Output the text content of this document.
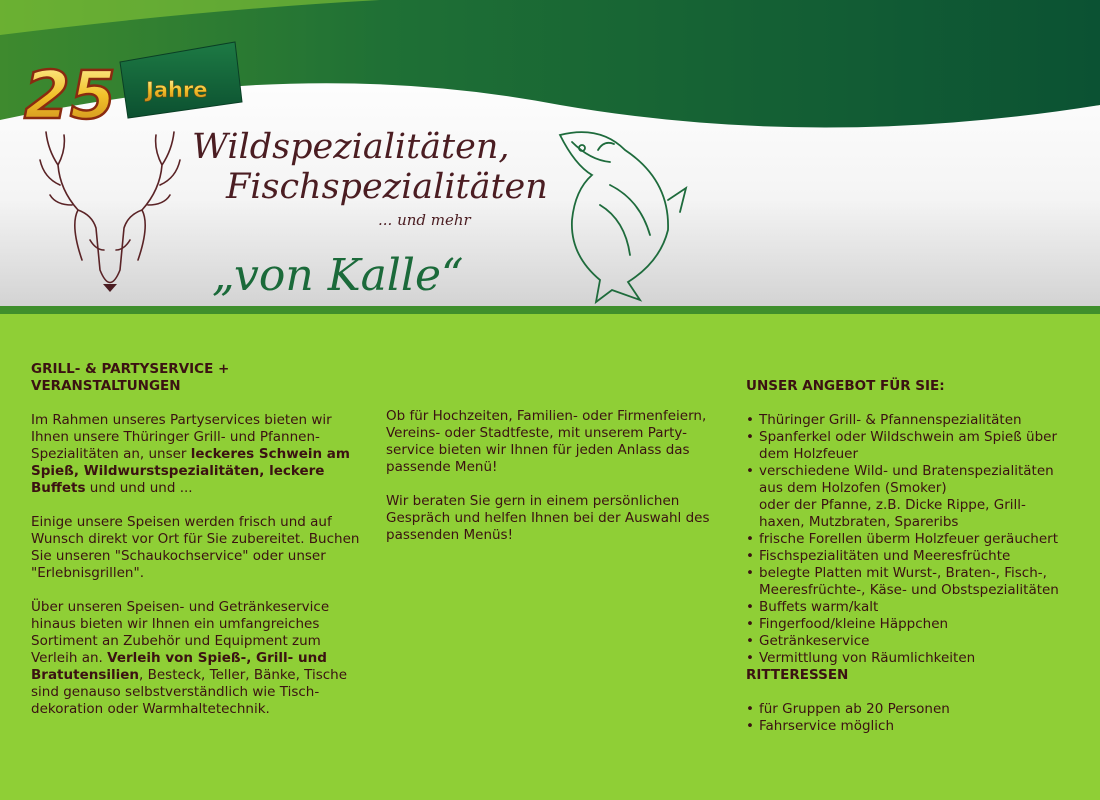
Jahre
25
Wildspezialitäten,
Fischspezialitäten
... und mehr
„von Kalle“
GRILL- & PARTYSERVICE +
VERANSTALTUNGEN

Im Rahmen unseres Partyservices bieten wir Ihnen unsere Thüringer Grill- und Pfannen-Spezialitäten an, unser leckeres Schwein am Spieß, Wildwurstspezialitäten, leckere Buffets und und und ...

Einige unsere Speisen werden frisch und auf Wunsch direkt vor Ort für Sie zubereitet. Buchen Sie unseren "Schaukochservice" oder unser "Erlebnisgrillen".

Über unseren Speisen- und Getränkeservice hinaus bieten wir Ihnen ein umfangreiches Sortiment an Zubehör und Equipment zum Verleih an. Verleih von Spieß-, Grill- und Bratutensilien, Besteck, Teller, Bänke, Tische sind genauso selbstverständlich wie Tisch-dekoration oder Warmhaltetechnik.

Ob für Hochzeiten, Familien- oder Firmenfeiern, Vereins- oder Stadtfeste, mit unserem Party-service bieten wir Ihnen für jeden Anlass das passende Menü!

Wir beraten Sie gern in einem persönlichen Gespräch und helfen Ihnen bei der Auswahl des passenden Menüs!

UNSER ANGEBOT FÜR SIE:
• Thüringer Grill- & Pfannenspezialitäten
• Spanferkel oder Wildschwein am Spieß über
dem Holzfeuer
• verschiedene Wild- und Bratenspezialitäten
aus dem Holzofen (Smoker)
oder der Pfanne, z.B. Dicke Rippe, Grill-
haxen, Mutzbraten, Spareribs
• frische Forellen überm Holzfeuer geräuchert
• Fischspezialitäten und Meeresfrüchte
• belegte Platten mit Wurst-, Braten-, Fisch-,
Meeresfrüchte-, Käse- und Obstspezialitäten
• Buffets warm/kalt
• Fingerfood/kleine Häppchen
• Getränkeservice
• Vermittlung von Räumlichkeiten
RITTERESSEN
• für Gruppen ab 20 Personen
• Fahrservice möglich
